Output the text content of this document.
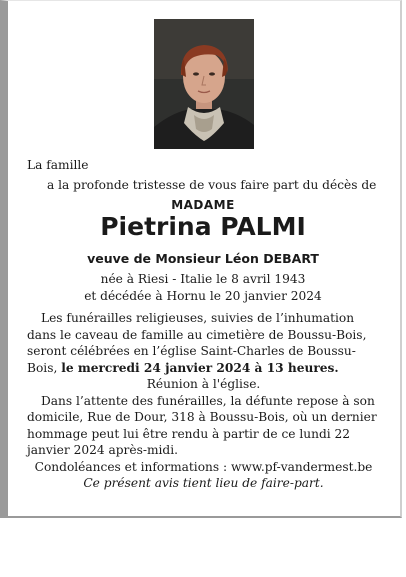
La famille
a la profonde tristesse de vous faire part du décès de
MADAME
Pietrina PALMI
veuve de Monsieur Léon DEBART
née à Riesi - Italie le 8 avril 1943
et décédée à Hornu le 20 janvier 2024

Les funérailles religieuses, suivies de l’inhumation dans le caveau de famille au cimetière de Boussu-Bois, seront célébrées en l’église Saint-Charles de Boussu-Bois, le mercredi 24 janvier 2024 à 13 heures.

Réunion à l'église.

Dans l’attente des funérailles, la défunte repose à son domicile, Rue de Dour, 318 à Boussu-Bois, où un dernier hommage peut lui être rendu à partir de ce lundi 22 janvier 2024 après-midi.

Condoléances et informations : www.pf-vandermest.be

Ce présent avis tient lieu de faire-part.
